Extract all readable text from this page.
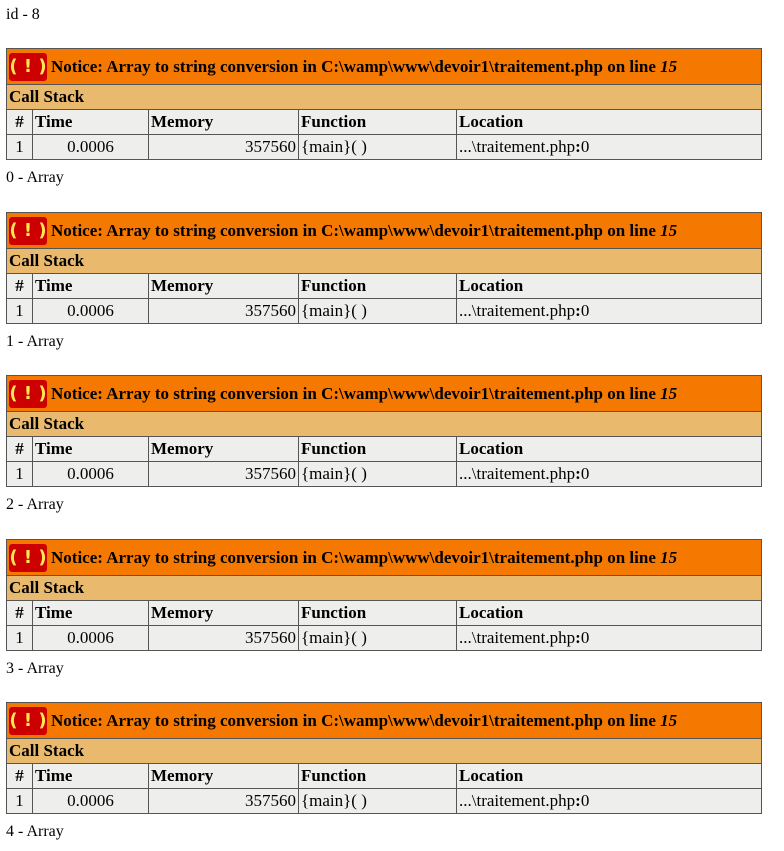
id - 8
( ! ) Notice: Array to string conversion in C:\wamp\www\devoir1\traitement.php on line 15				
Call Stack				
#	Time	Memory	Function	Location
1	0.0006	357560	{main}( )	...\traitement.php:0
0 - Array
( ! ) Notice: Array to string conversion in C:\wamp\www\devoir1\traitement.php on line 15				
Call Stack				
#	Time	Memory	Function	Location
1	0.0006	357560	{main}( )	...\traitement.php:0
1 - Array
( ! ) Notice: Array to string conversion in C:\wamp\www\devoir1\traitement.php on line 15				
Call Stack				
#	Time	Memory	Function	Location
1	0.0006	357560	{main}( )	...\traitement.php:0
2 - Array
( ! ) Notice: Array to string conversion in C:\wamp\www\devoir1\traitement.php on line 15				
Call Stack				
#	Time	Memory	Function	Location
1	0.0006	357560	{main}( )	...\traitement.php:0
3 - Array
( ! ) Notice: Array to string conversion in C:\wamp\www\devoir1\traitement.php on line 15				
Call Stack				
#	Time	Memory	Function	Location
1	0.0006	357560	{main}( )	...\traitement.php:0
4 - Array
